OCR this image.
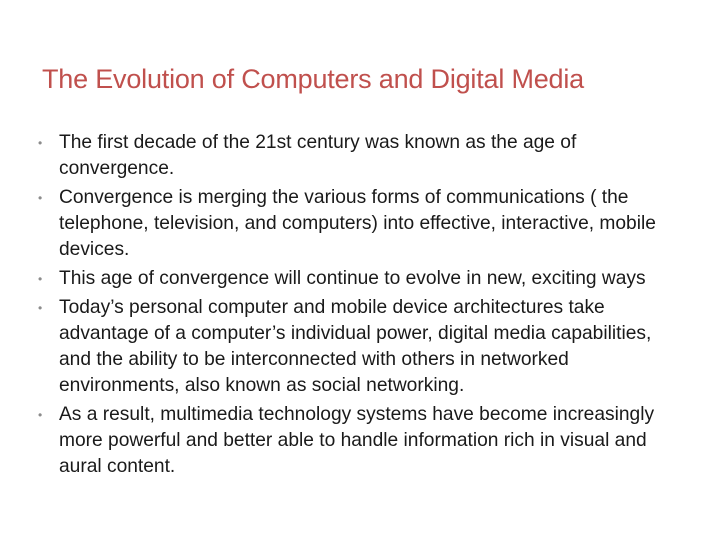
The Evolution of Computers and Digital Media
• The first decade of the 21st century was known as the age of convergence.
• Convergence is merging the various forms of communications ( the telephone, television, and computers) into effective, interactive, mobile devices.
• This age of convergence will continue to evolve in new, exciting ways
• Today’s personal computer and mobile device architectures take advantage of a computer’s individual power, digital media capabilities, and the ability to be interconnected with others in networked environments, also known as social networking.
• As a result, multimedia technology systems have become increasingly more powerful and better able to handle information rich in visual and aural content.
